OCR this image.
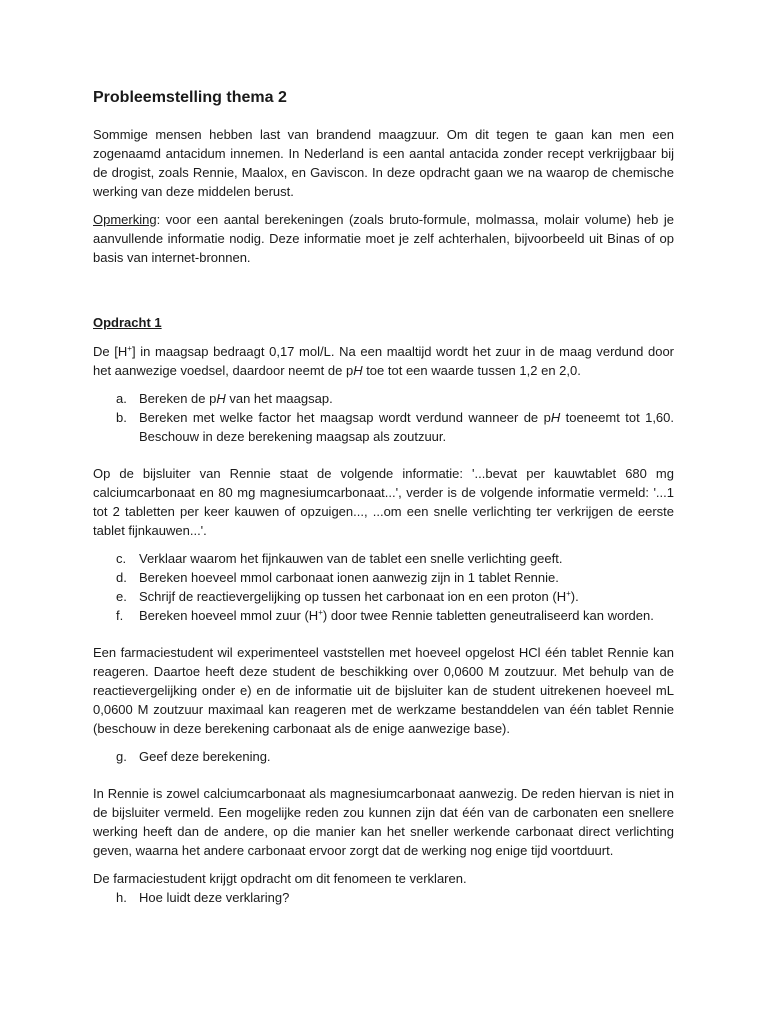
Probleemstelling thema 2

Sommige mensen hebben last van brandend maagzuur. Om dit tegen te gaan kan men een zogenaamd antacidum innemen. In Nederland is een aantal antacida zonder recept verkrijgbaar bij de drogist, zoals Rennie, Maalox, en Gaviscon. In deze opdracht gaan we na waarop de chemische werking van deze middelen berust.

Opmerking: voor een aantal berekeningen (zoals bruto-formule, molmassa, molair volume) heb je aanvullende informatie nodig. Deze informatie moet je zelf achterhalen, bijvoorbeeld uit Binas of op basis van internet-bronnen.

Opdracht 1

De [H+] in maagsap bedraagt 0,17 mol/L. Na een maaltijd wordt het zuur in de maag verdund door het aanwezige voedsel, daardoor neemt de pH toe tot een waarde tussen 1,2 en 2,0.

a. Bereken de pH van het maagsap.
b. Bereken met welke factor het maagsap wordt verdund wanneer de pH toeneemt tot 1,60. Beschouw in deze berekening maagsap als zoutzuur.

Op de bijsluiter van Rennie staat de volgende informatie: '...bevat per kauwtablet 680 mg calciumcarbonaat en 80 mg magnesiumcarbonaat...', verder is de volgende informatie vermeld: '...1 tot 2 tabletten per keer kauwen of opzuigen..., ...om een snelle verlichting ter verkrijgen de eerste tablet fijnkauwen...'.

c. Verklaar waarom het fijnkauwen van de tablet een snelle verlichting geeft.
d. Bereken hoeveel mmol carbonaat ionen aanwezig zijn in 1 tablet Rennie.
e. Schrijf de reactievergelijking op tussen het carbonaat ion en een proton (H+).
f. Bereken hoeveel mmol zuur (H+) door twee Rennie tabletten geneutraliseerd kan worden.

Een farmaciestudent wil experimenteel vaststellen met hoeveel opgelost HCl één tablet Rennie kan reageren. Daartoe heeft deze student de beschikking over 0,0600 M zoutzuur. Met behulp van de reactievergelijking onder e) en de informatie uit de bijsluiter kan de student uitrekenen hoeveel mL 0,0600 M zoutzuur maximaal kan reageren met de werkzame bestanddelen van één tablet Rennie (beschouw in deze berekening carbonaat als de enige aanwezige base).

g. Geef deze berekening.

In Rennie is zowel calciumcarbonaat als magnesiumcarbonaat aanwezig. De reden hiervan is niet in de bijsluiter vermeld. Een mogelijke reden zou kunnen zijn dat één van de carbonaten een snellere werking heeft dan de andere, op die manier kan het sneller werkende carbonaat direct verlichting geven, waarna het andere carbonaat ervoor zorgt dat de werking nog enige tijd voortduurt.

De farmaciestudent krijgt opdracht om dit fenomeen te verklaren.

h. Hoe luidt deze verklaring?
